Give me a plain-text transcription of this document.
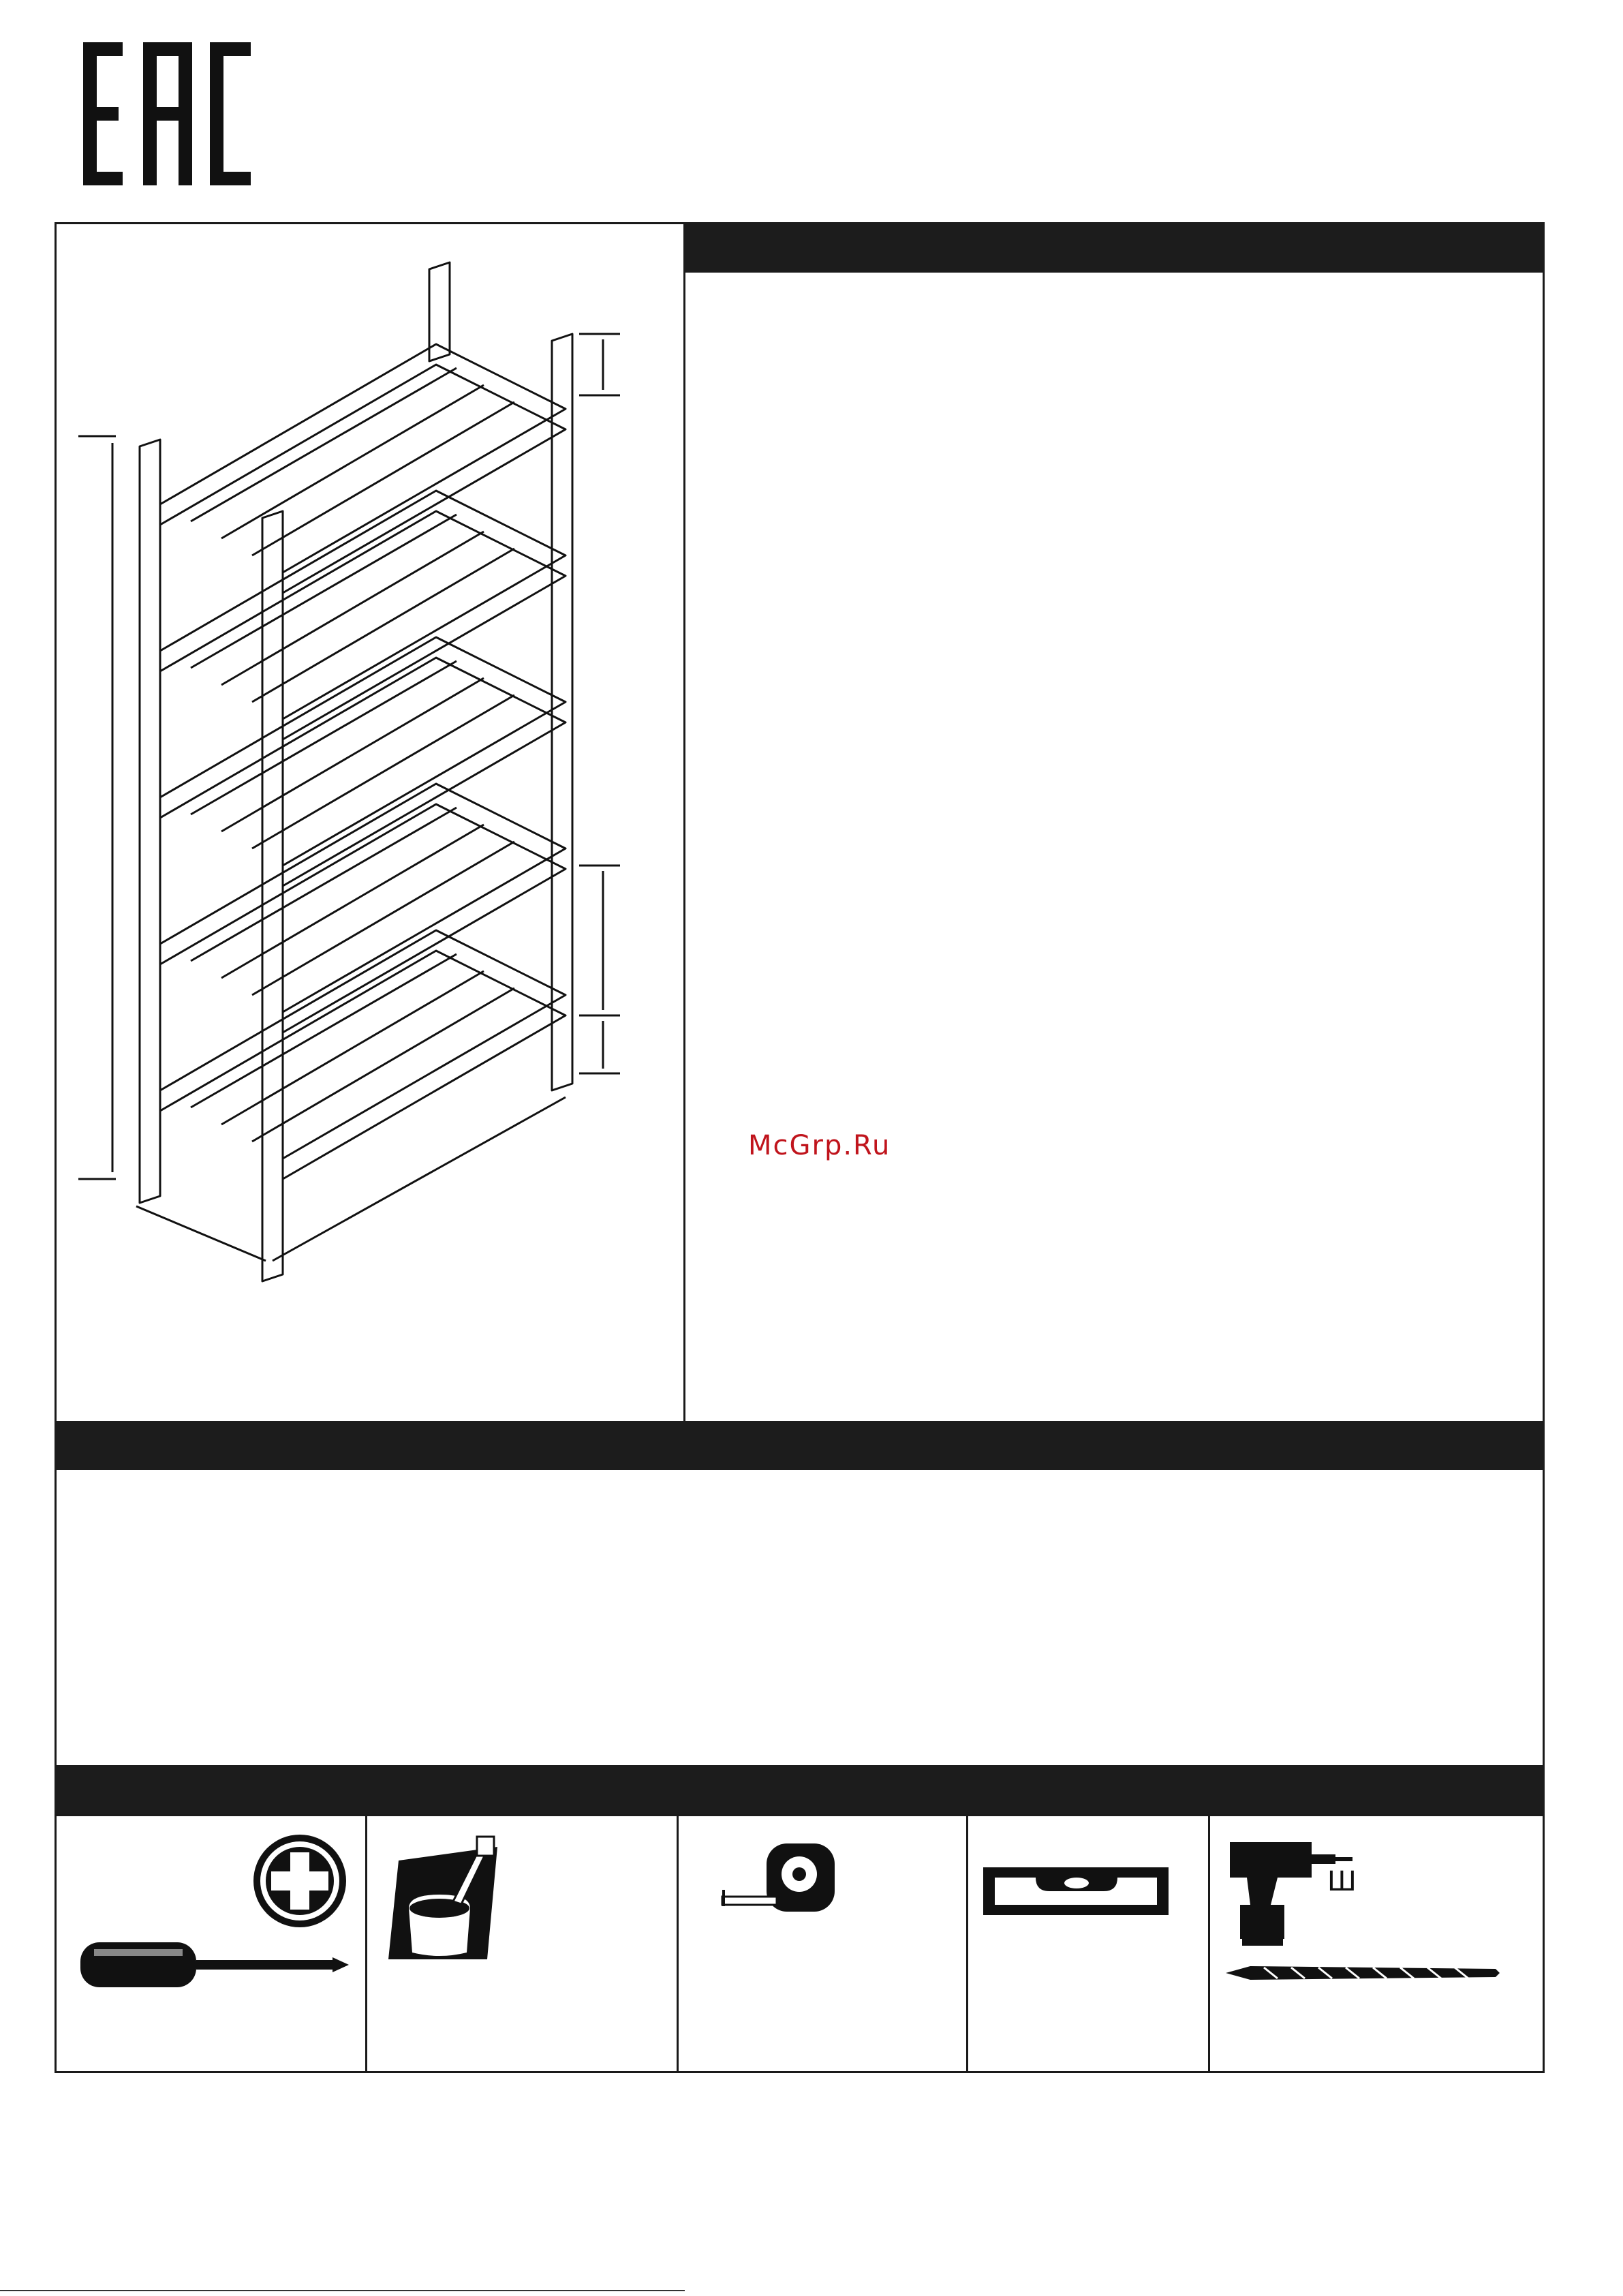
McGrp.Ru
Ш
